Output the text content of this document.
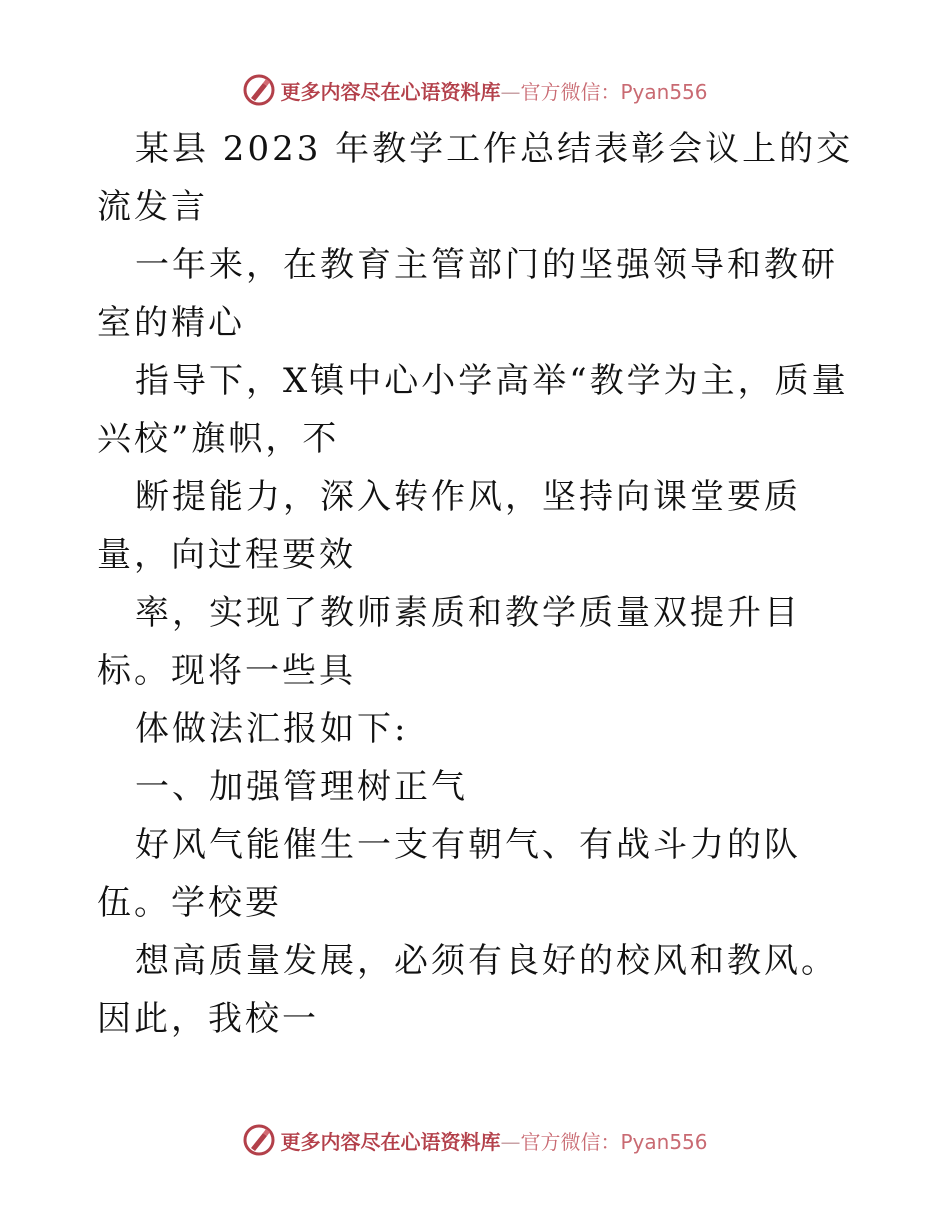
更多内容尽在心语资料库—官方微信：Pyan556

某县 2023 年教学工作总结表彰会议上的交流发言

一年来，在教育主管部门的坚强领导和教研室的精心

指导下，X镇中心小学高举“教学为主，质量兴校”旗帜，不

断提能力，深入转作风，坚持向课堂要质量，向过程要效

率，实现了教师素质和教学质量双提升目标。现将一些具

体做法汇报如下:

一、加强管理树正气

好风气能催生一支有朝气、有战斗力的队伍。学校要

想高质量发展，必须有良好的校风和教风。因此，我校一

更多内容尽在心语资料库—官方微信：Pyan556
